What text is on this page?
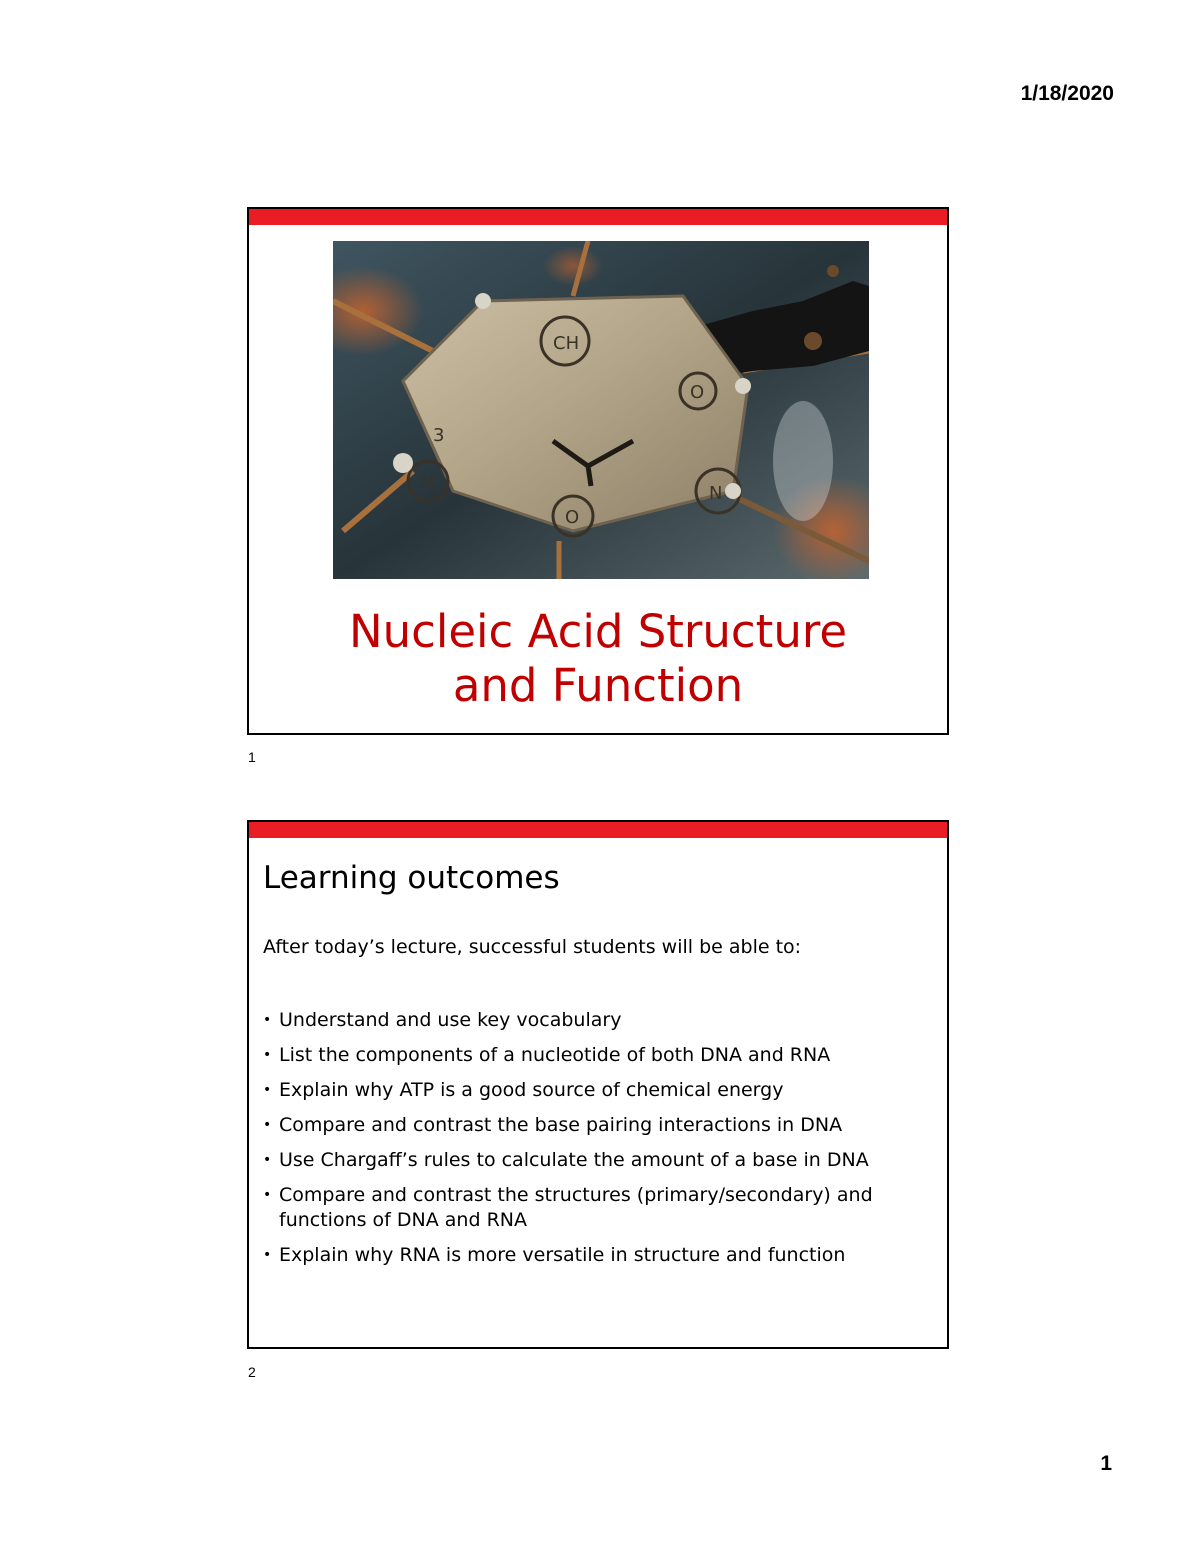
1/18/2020
CH
O
N
O
N
3
Nucleic Acid Structure
and Function
1
Learning outcomes
After today’s lecture, successful students will be able to:
• Understand and use key vocabulary
• List the components of a nucleotide of both DNA and RNA
• Explain why ATP is a good source of chemical energy
• Compare and contrast the base pairing interactions in DNA
• Use Chargaff’s rules to calculate the amount of a base in DNA
• Compare and contrast the structures (primary/secondary) and functions of DNA and RNA
• Explain why RNA is more versatile in structure and function
2
1
